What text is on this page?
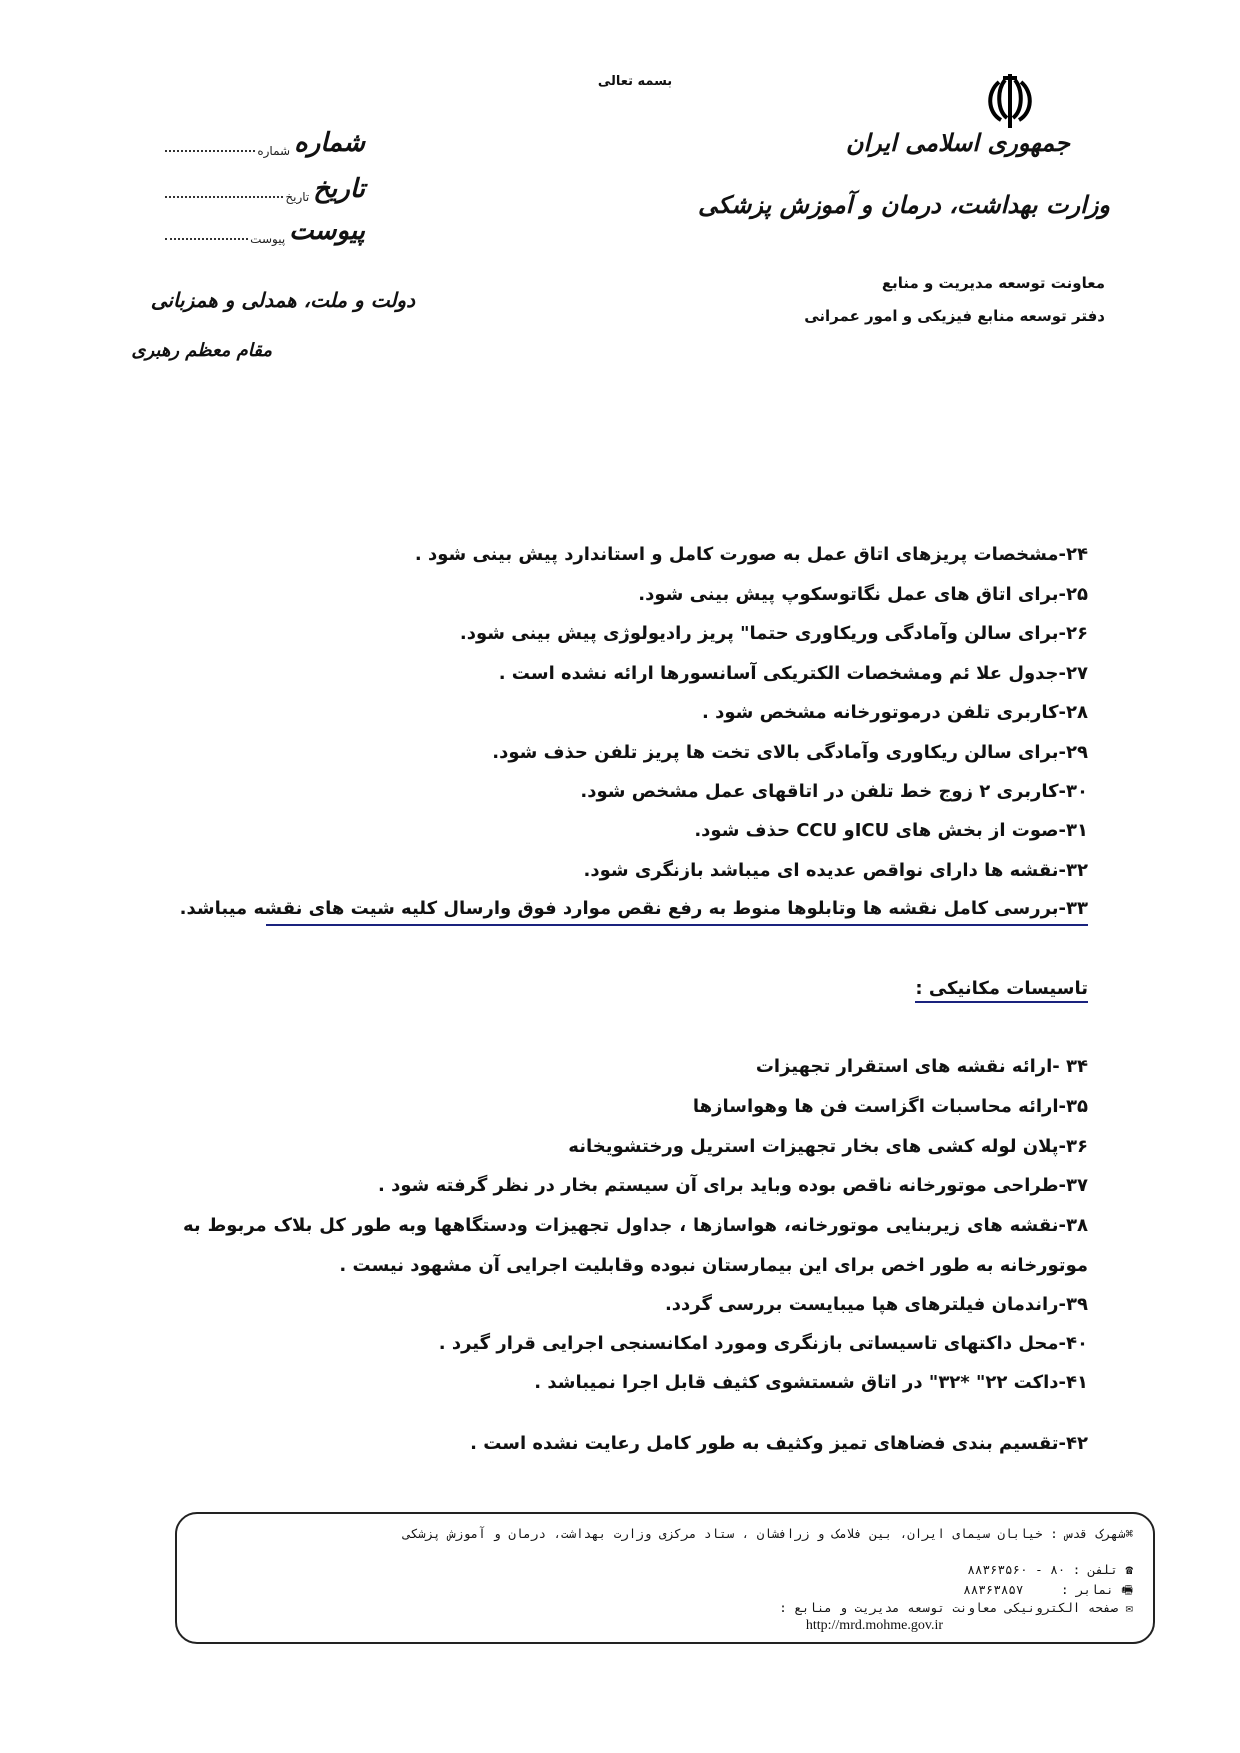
بسمه تعالی
جمهوری اسلامی ایران
وزارت بهداشت، درمان و آموزش پزشکی
معاونت توسعه مدیریت و منابع
دفتر توسعه منابع فیزیکی و امور عمرانی
شماره
شماره
تاریخ
تاریخ
پیوست
پیوست
دولت و ملت، همدلی و همزبانی
مقام معظم رهبری
۲۴-مشخصات پریزهای اتاق عمل به صورت کامل و استاندارد پیش بینی شود .
۲۵-برای اتاق های عمل نگاتوسکوپ پیش بینی شود.
۲۶-برای سالن وآمادگی وریکاوری حتما" پریز رادیولوژی پیش بینی شود.
۲۷-جدول علا ئم ومشخصات الکتریکی آسانسورها ارائه نشده است .
۲۸-کاربری تلفن درموتورخانه مشخص شود .
۲۹-برای سالن ریکاوری وآمادگی بالای تخت ها پریز تلفن حذف شود.
۳۰-کاربری ۲ زوج خط تلفن در اتاقهای عمل مشخص شود.
۳۱-صوت از بخش های ICUو CCU حذف شود.
۳۲-نقشه ها دارای نواقص عدیده ای میباشد بازنگری شود.
۳۳-بررسی کامل نقشه ها وتابلوها منوط به رفع نقص موارد فوق وارسال کلیه شیت های نقشه میباشد.
تاسیسات مکانیکی :
۳۴ -ارائه نقشه های استقرار تجهیزات
۳۵-ارائه محاسبات اگزاست فن ها وهواسازها
۳۶-پلان لوله کشی های بخار تجهیزات استریل ورختشویخانه
۳۷-طراحی موتورخانه ناقص بوده وباید برای آن سیستم بخار در نظر گرفته شود .
۳۸-نقشه های زیربنایی موتورخانه، هواسازها ، جداول تجهیزات ودستگاهها وبه طور کل بلاک مربوط به موتورخانه به طور اخص برای این بیمارستان نبوده وقابلیت اجرایی آن مشهود نیست .
۳۹-راندمان فیلترهای هپا میبایست بررسی گردد.
۴۰-محل داکتهای تاسیساتی بازنگری ومورد امکانسنجی اجرایی قرار گیرد .
۴۱-داکت ۲۲" *۳۲" در اتاق شستشوی کثیف قابل اجرا نمیباشد .
۴۲-تقسیم بندی فضاهای تمیز وکثیف به طور کامل رعایت نشده است .
⌘شهرک قدس : خیابان سیمای ایران، بین فلامک و زرافشان ، ستاد مرکزی وزارت بهداشت، درمان و آموزش پزشکی
☎ تلفن : ۸۰ - ۸۸۳۶۳۵۶۰
🖷 نمابر : ۸۸۳۶۳۸۵۷
✉ صفحه الکترونیکی معاونت توسعه مدیریت و منابع :
http://mrd.mohme.gov.ir
